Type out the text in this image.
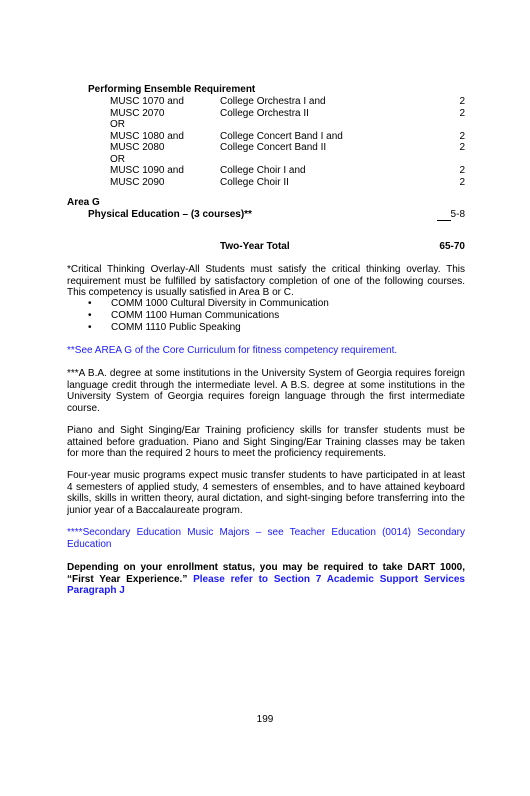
Performing Ensemble Requirement
MUSC 1070 and	College Orchestra I and	2
MUSC 2070	College Orchestra II	2
OR
MUSC 1080 and	College Concert Band I and	2
MUSC 2080	College Concert Band II	2
OR
MUSC 1090 and	College Choir I and	2
MUSC 2090	College Choir II	2
Area G
Physical Education – (3 courses)**	5-8
Two-Year Total	65-70
*Critical Thinking Overlay-All Students must satisfy the critical thinking overlay. This requirement must be fulfilled by satisfactory completion of one of the following courses. This competency is usually satisfied in Area B or C.
• COMM 1000 Cultural Diversity in Communication
• COMM 1100 Human Communications
• COMM 1110 Public Speaking
**See AREA G of the Core Curriculum for fitness competency requirement.
***A B.A. degree at some institutions in the University System of Georgia requires foreign language credit through the intermediate level. A B.S. degree at some institutions in the University System of Georgia requires foreign language through the first intermediate course.
Piano and Sight Singing/Ear Training proficiency skills for transfer students must be attained before graduation. Piano and Sight Singing/Ear Training classes may be taken for more than the required 2 hours to meet the proficiency requirements.
Four-year music programs expect music transfer students to have participated in at least 4 semesters of applied study, 4 semesters of ensembles, and to have attained keyboard skills, skills in written theory, aural dictation, and sight-singing before transferring into the junior year of a Baccalaureate program.
****Secondary Education Music Majors – see Teacher Education (0014) Secondary Education
Depending on your enrollment status, you may be required to take DART 1000, “First Year Experience.” Please refer to Section 7 Academic Support Services Paragraph J
199
